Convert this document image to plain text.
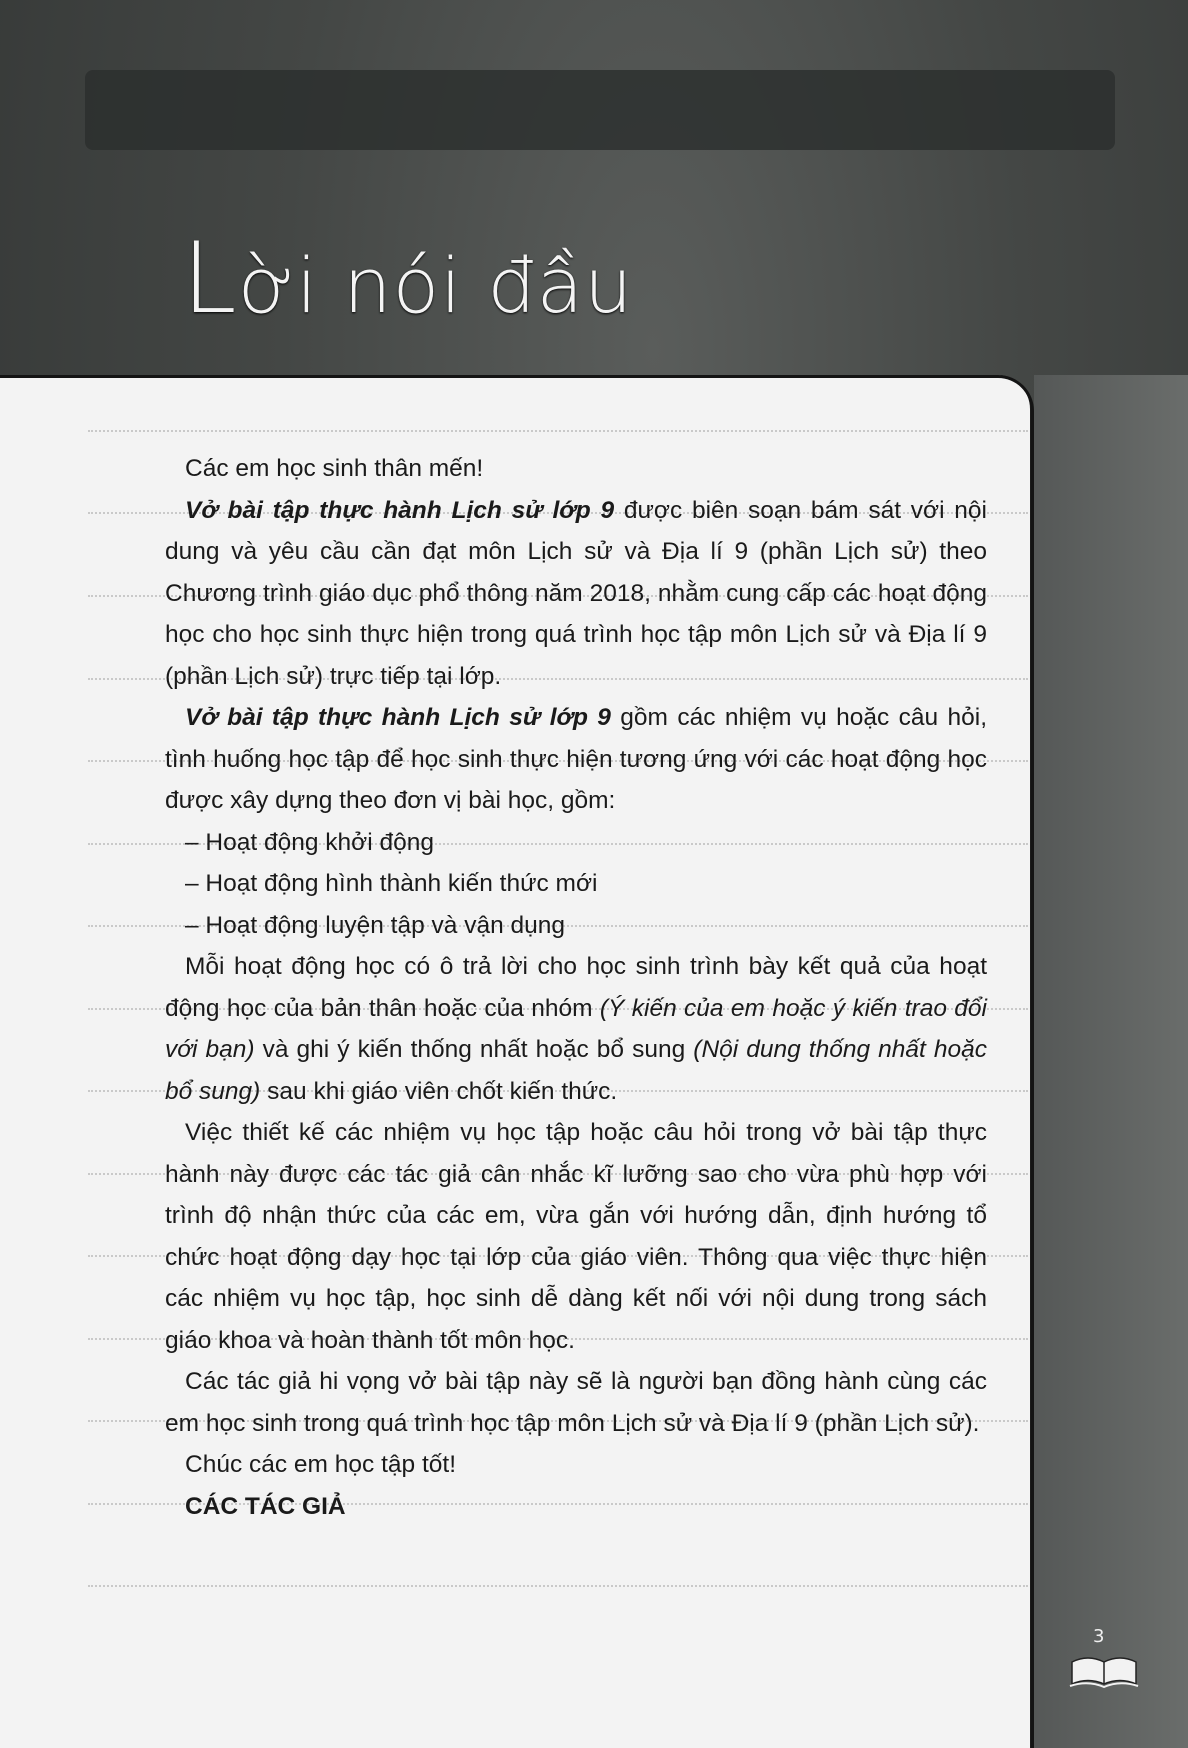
Lời nói đầu

Các em học sinh thân mến!

Vở bài tập thực hành Lịch sử lớp 9 được biên soạn bám sát với nội dung và yêu cầu cần đạt môn Lịch sử và Địa lí 9 (phần Lịch sử) theo Chương trình giáo dục phổ thông năm 2018, nhằm cung cấp các hoạt động học cho học sinh thực hiện trong quá trình học tập môn Lịch sử và Địa lí 9 (phần Lịch sử) trực tiếp tại lớp.

Vở bài tập thực hành Lịch sử lớp 9 gồm các nhiệm vụ hoặc câu hỏi, tình huống học tập để học sinh thực hiện tương ứng với các hoạt động học được xây dựng theo đơn vị bài học, gồm:

– Hoạt động khởi động

– Hoạt động hình thành kiến thức mới

– Hoạt động luyện tập và vận dụng

Mỗi hoạt động học có ô trả lời cho học sinh trình bày kết quả của hoạt động học của bản thân hoặc của nhóm (Ý kiến của em hoặc ý kiến trao đổi với bạn) và ghi ý kiến thống nhất hoặc bổ sung (Nội dung thống nhất hoặc bổ sung) sau khi giáo viên chốt kiến thức.

Việc thiết kế các nhiệm vụ học tập hoặc câu hỏi trong vở bài tập thực hành này được các tác giả cân nhắc kĩ lưỡng sao cho vừa phù hợp với trình độ nhận thức của các em, vừa gắn với hướng dẫn, định hướng tổ chức hoạt động dạy học tại lớp của giáo viên. Thông qua việc thực hiện các nhiệm vụ học tập, học sinh dễ dàng kết nối với nội dung trong sách giáo khoa và hoàn thành tốt môn học.

Các tác giả hi vọng vở bài tập này sẽ là người bạn đồng hành cùng các em học sinh trong quá trình học tập môn Lịch sử và Địa lí 9 (phần Lịch sử).

Chúc các em học tập tốt!

CÁC TÁC GIẢ

3
